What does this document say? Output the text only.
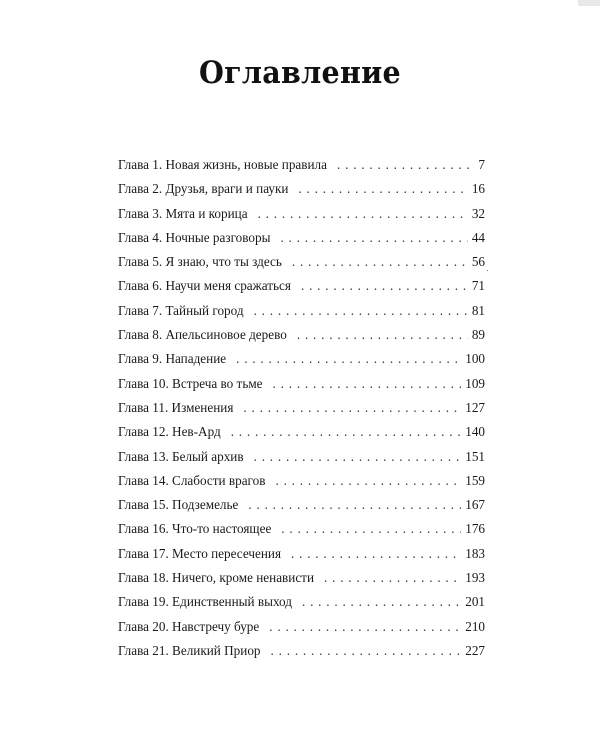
Оглавление
Глава 1. Новая жизнь, новые правила . . .	7
Глава 2. Друзья, враги и пауки . . .	16
Глава 3. Мята и корица . . .	32
Глава 4. Ночные разговоры . . .	44
Глава 5. Я знаю, что ты здесь . . .	56
Глава 6. Научи меня сражаться . . .	71
Глава 7. Тайный город . . .	81
Глава 8. Апельсиновое дерево . . .	89
Глава 9. Нападение . . .	100
Глава 10. Встреча во тьме . . .	109
Глава 11. Изменения . . .	127
Глава 12. Нев-Ард . . .	140
Глава 13. Белый архив . . .	151
Глава 14. Слабости врагов . . .	159
Глава 15. Подземелье . . .	167
Глава 16. Что-то настоящее . . .	176
Глава 17. Место пересечения . . .	183
Глава 18. Ничего, кроме ненависти . . .	193
Глава 19. Единственный выход . . .	201
Глава 20. Навстречу буре . . .	210
Глава 21. Великий Приор . . .	227
